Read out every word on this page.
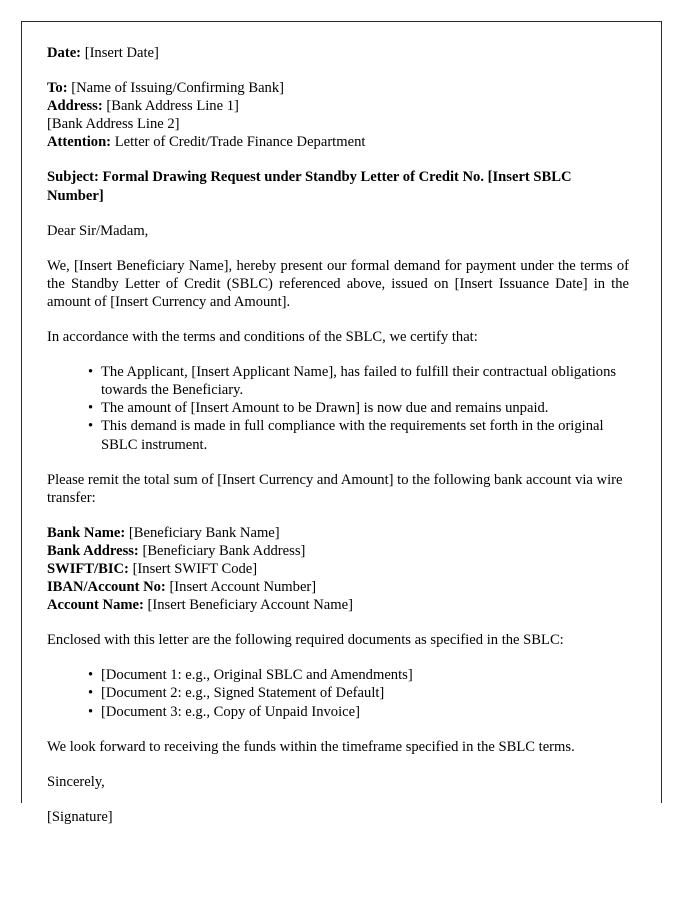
Date: [Insert Date]

To: [Name of Issuing/Confirming Bank]
Address: [Bank Address Line 1]
[Bank Address Line 2]
Attention: Letter of Credit/Trade Finance Department

Subject: Formal Drawing Request under Standby Letter of Credit No. [Insert SBLC Number]

Dear Sir/Madam,

We, [Insert Beneficiary Name], hereby present our formal demand for payment under the terms of the Standby Letter of Credit (SBLC) referenced above, issued on [Insert Issuance Date] in the amount of [Insert Currency and Amount].

In accordance with the terms and conditions of the SBLC, we certify that:

• The Applicant, [Insert Applicant Name], has failed to fulfill their contractual obligations towards the Beneficiary.
• The amount of [Insert Amount to be Drawn] is now due and remains unpaid.
• This demand is made in full compliance with the requirements set forth in the original SBLC instrument.

Please remit the total sum of [Insert Currency and Amount] to the following bank account via wire transfer:

Bank Name: [Beneficiary Bank Name]
Bank Address: [Beneficiary Bank Address]
SWIFT/BIC: [Insert SWIFT Code]
IBAN/Account No: [Insert Account Number]
Account Name: [Insert Beneficiary Account Name]

Enclosed with this letter are the following required documents as specified in the SBLC:

• [Document 1: e.g., Original SBLC and Amendments]
• [Document 2: e.g., Signed Statement of Default]
• [Document 3: e.g., Copy of Unpaid Invoice]

We look forward to receiving the funds within the timeframe specified in the SBLC terms.

Sincerely,

[Signature]
